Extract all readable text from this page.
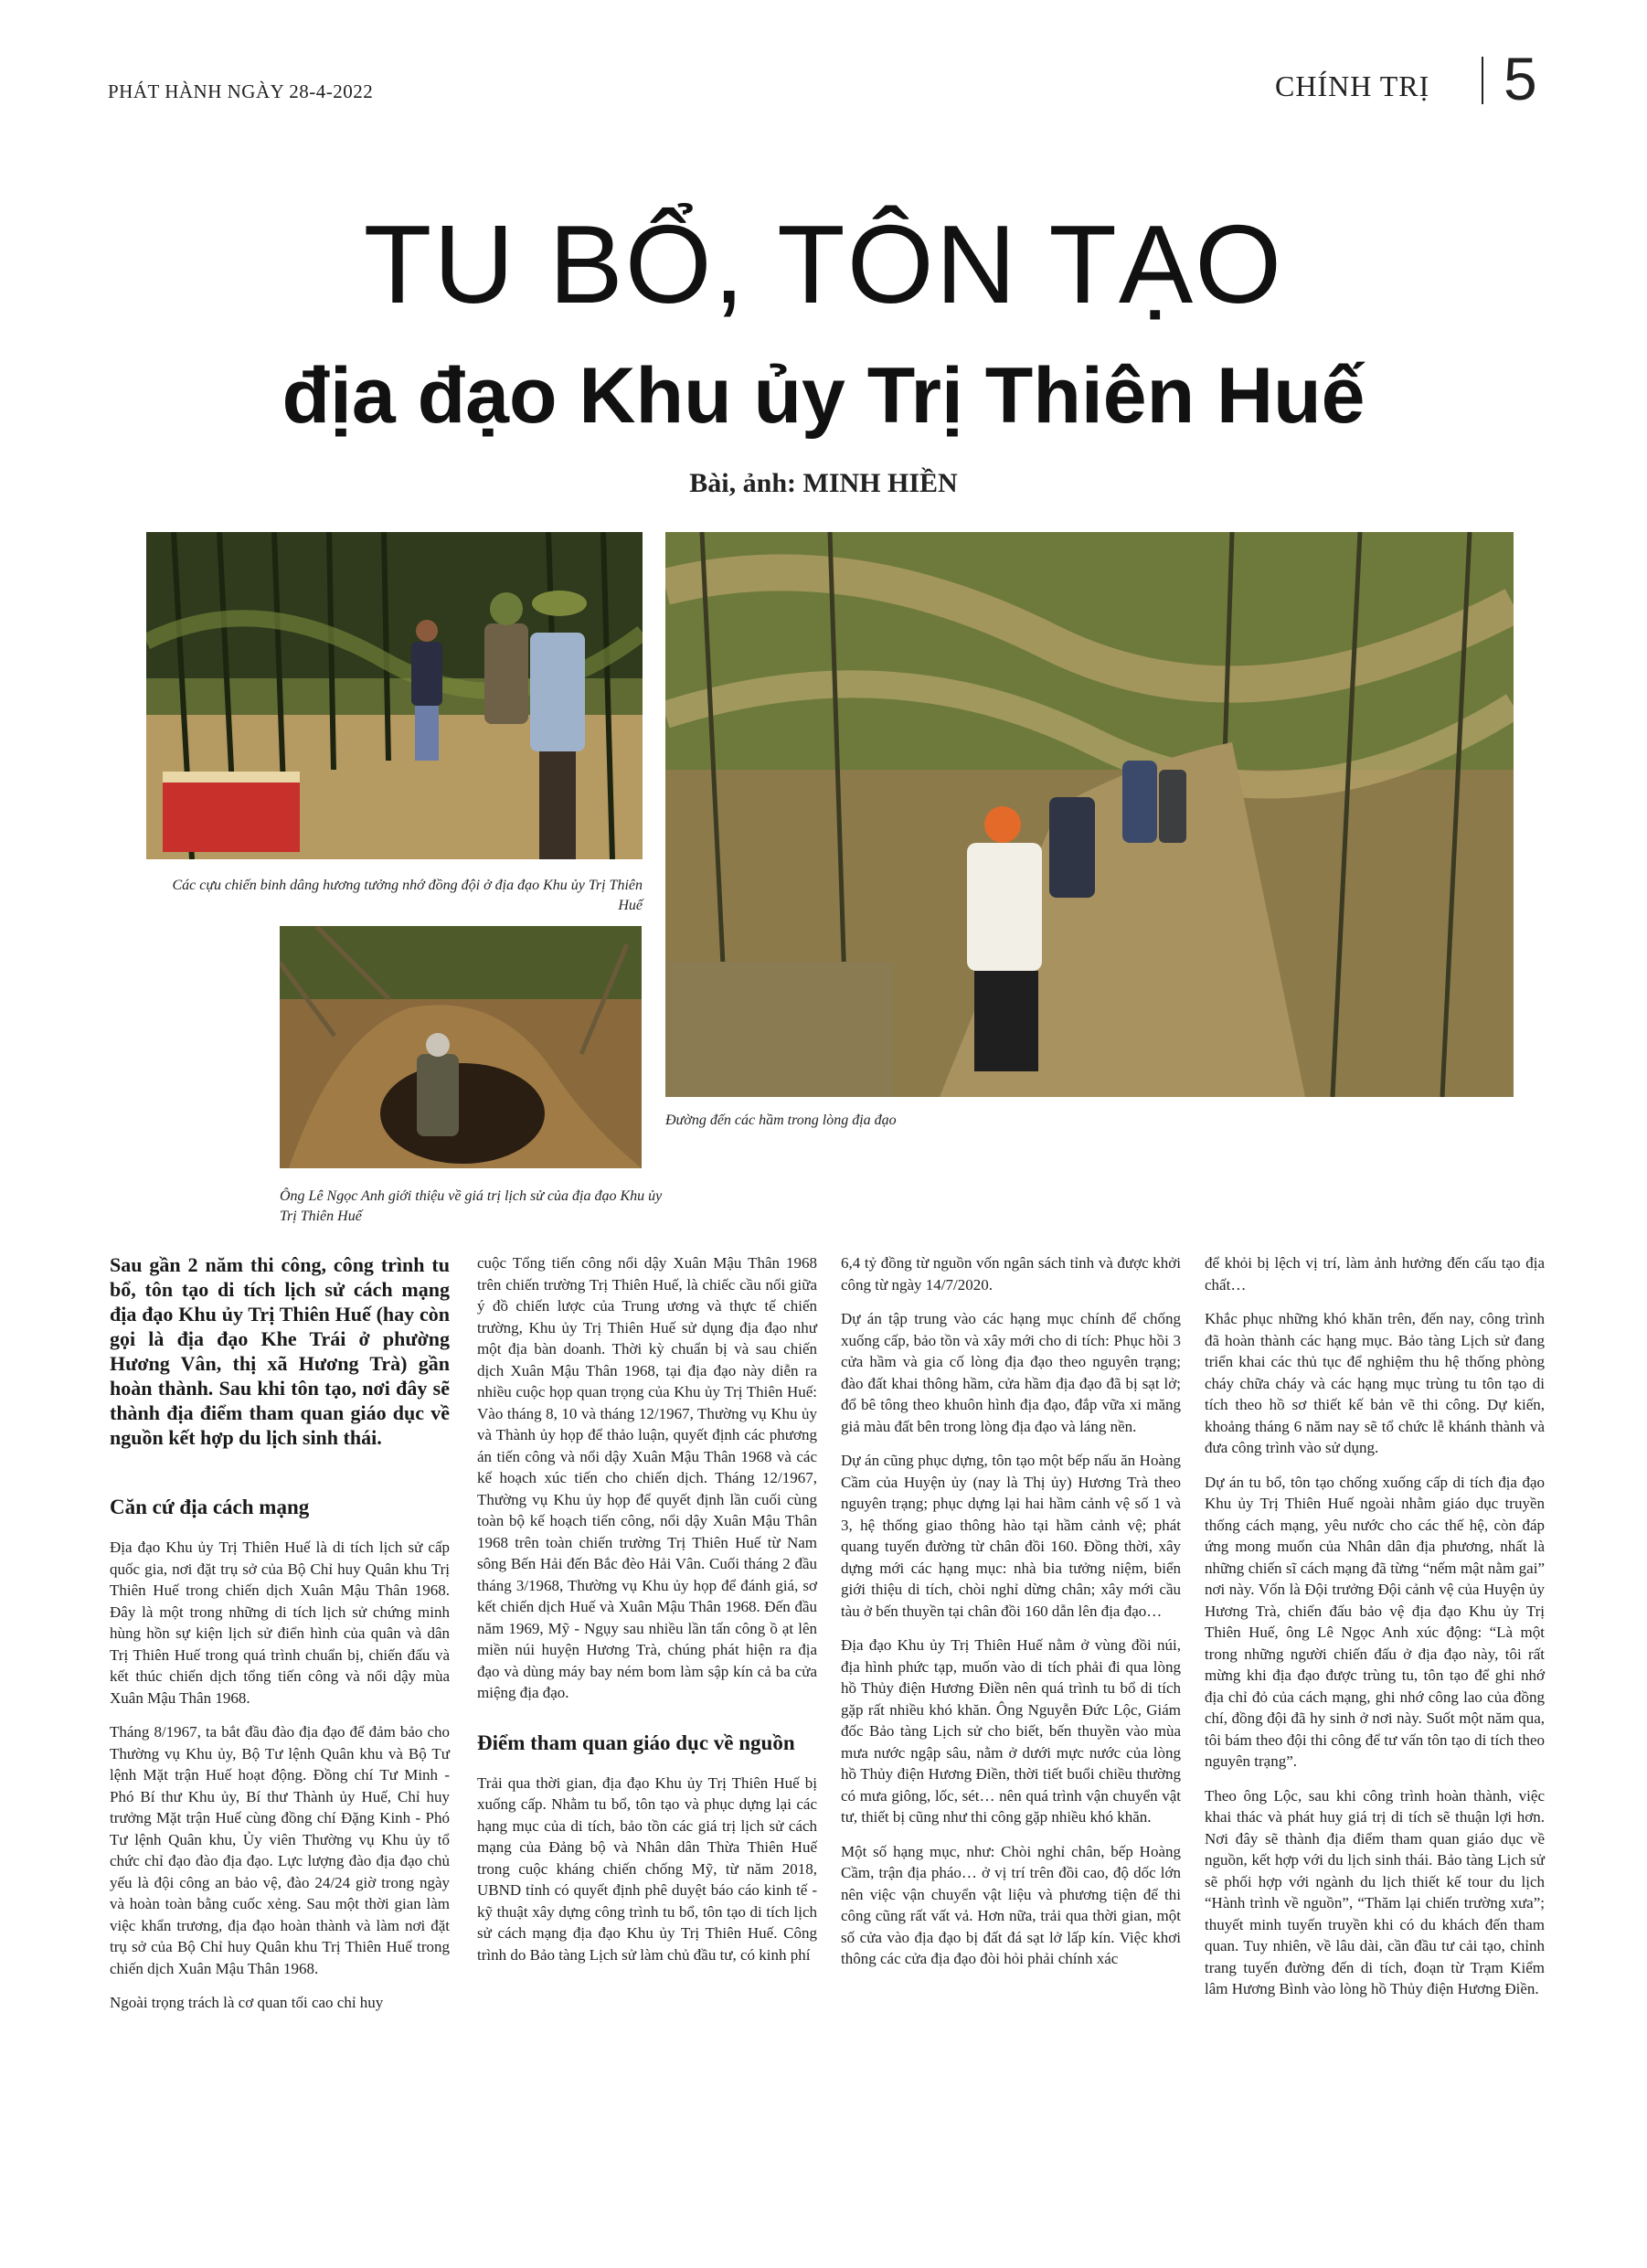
PHÁT HÀNH NGÀY 28-4-2022	CHÍNH TRỊ 5
TU BỔ, TÔN TẠO
địa đạo Khu ủy Trị Thiên Huế
Bài, ảnh: MINH HIỀN
Các cựu chiến binh dâng hương tưởng nhớ đồng đội ở địa đạo Khu ủy Trị Thiên Huế
Ông Lê Ngọc Anh giới thiệu về giá trị lịch sử của địa đạo Khu ủy Trị Thiên Huế
Đường đến các hầm trong lòng địa đạo
Sau gần 2 năm thi công, công trình tu bổ, tôn tạo di tích lịch sử cách mạng địa đạo Khu ủy Trị Thiên Huế (hay còn gọi là địa đạo Khe Trái ở phường Hương Vân, thị xã Hương Trà) gần hoàn thành. Sau khi tôn tạo, nơi đây sẽ thành địa điểm tham quan giáo dục về nguồn kết hợp du lịch sinh thái.
Căn cứ địa cách mạng

Địa đạo Khu ủy Trị Thiên Huế là di tích lịch sử cấp quốc gia, nơi đặt trụ sở của Bộ Chỉ huy Quân khu Trị Thiên Huế trong chiến dịch Xuân Mậu Thân 1968. Đây là một trong những di tích lịch sử chứng minh hùng hồn sự kiện lịch sử điển hình của quân và dân Trị Thiên Huế trong quá trình chuẩn bị, chiến đấu và kết thúc chiến dịch tổng tiến công và nổi dậy mùa Xuân Mậu Thân 1968.

Tháng 8/1967, ta bắt đầu đào địa đạo để đảm bảo cho Thường vụ Khu ủy, Bộ Tư lệnh Quân khu và Bộ Tư lệnh Mặt trận Huế hoạt động. Đồng chí Tư Minh - Phó Bí thư Khu ủy, Bí thư Thành ủy Huế, Chỉ huy trưởng Mặt trận Huế cùng đồng chí Đặng Kinh - Phó Tư lệnh Quân khu, Ủy viên Thường vụ Khu ủy tổ chức chỉ đạo đào địa đạo. Lực lượng đào địa đạo chủ yếu là đội công an bảo vệ, đào 24/24 giờ trong ngày và hoàn toàn bằng cuốc xẻng. Sau một thời gian làm việc khẩn trương, địa đạo hoàn thành và làm nơi đặt trụ sở của Bộ Chỉ huy Quân khu Trị Thiên Huế trong chiến dịch Xuân Mậu Thân 1968.

Ngoài trọng trách là cơ quan tối cao chỉ huy

cuộc Tổng tiến công nổi dậy Xuân Mậu Thân 1968 trên chiến trường Trị Thiên Huế, là chiếc cầu nối giữa ý đồ chiến lược của Trung ương và thực tế chiến trường, Khu ủy Trị Thiên Huế sử dụng địa đạo như một địa bàn doanh. Thời kỳ chuẩn bị và sau chiến dịch Xuân Mậu Thân 1968, tại địa đạo này diễn ra nhiều cuộc họp quan trọng của Khu ủy Trị Thiên Huế: Vào tháng 8, 10 và tháng 12/1967, Thường vụ Khu ủy và Thành ủy họp để thảo luận, quyết định các phương án tiến công và nổi dậy Xuân Mậu Thân 1968 và các kế hoạch xúc tiến cho chiến dịch. Tháng 12/1967, Thường vụ Khu ủy họp để quyết định lần cuối cùng toàn bộ kế hoạch tiến công, nổi dậy Xuân Mậu Thân 1968 trên toàn chiến trường Trị Thiên Huế từ Nam sông Bến Hải đến Bắc đèo Hải Vân. Cuối tháng 2 đầu tháng 3/1968, Thường vụ Khu ủy họp để đánh giá, sơ kết chiến dịch Huế và Xuân Mậu Thân 1968. Đến đầu năm 1969, Mỹ - Ngụy sau nhiều lần tấn công ồ ạt lên miền núi huyện Hương Trà, chúng phát hiện ra địa đạo và dùng máy bay ném bom làm sập kín cả ba cửa miệng địa đạo.

Điểm tham quan giáo dục về nguồn

Trải qua thời gian, địa đạo Khu ủy Trị Thiên Huế bị xuống cấp. Nhằm tu bổ, tôn tạo và phục dựng lại các hạng mục của di tích, bảo tồn các giá trị lịch sử cách mạng của Đảng bộ và Nhân dân Thừa Thiên Huế trong cuộc kháng chiến chống Mỹ, từ năm 2018, UBND tỉnh có quyết định phê duyệt báo cáo kinh tế - kỹ thuật xây dựng công trình tu bổ, tôn tạo di tích lịch sử cách mạng địa đạo Khu ủy Trị Thiên Huế. Công trình do Bảo tàng Lịch sử làm chủ đầu tư, có kinh phí

6,4 tỷ đồng từ nguồn vốn ngân sách tỉnh và được khởi công từ ngày 14/7/2020.

Dự án tập trung vào các hạng mục chính để chống xuống cấp, bảo tồn và xây mới cho di tích: Phục hồi 3 cửa hầm và gia cố lòng địa đạo theo nguyên trạng; đào đất khai thông hầm, cửa hầm địa đạo đã bị sạt lở; đổ bê tông theo khuôn hình địa đạo, đắp vữa xi măng giả màu đất bên trong lòng địa đạo và láng nền.

Dự án cũng phục dựng, tôn tạo một bếp nấu ăn Hoàng Cầm của Huyện ủy (nay là Thị ủy) Hương Trà theo nguyên trạng; phục dựng lại hai hầm cảnh vệ số 1 và 3, hệ thống giao thông hào tại hầm cảnh vệ; phát quang tuyến đường từ chân đồi 160. Đồng thời, xây dựng mới các hạng mục: nhà bia tưởng niệm, biển giới thiệu di tích, chòi nghỉ dừng chân; xây mới cầu tàu ở bến thuyền tại chân đồi 160 dẫn lên địa đạo…

Địa đạo Khu ủy Trị Thiên Huế nằm ở vùng đồi núi, địa hình phức tạp, muốn vào di tích phải đi qua lòng hồ Thủy điện Hương Điền nên quá trình tu bổ di tích gặp rất nhiều khó khăn. Ông Nguyễn Đức Lộc, Giám đốc Bảo tàng Lịch sử cho biết, bến thuyền vào mùa mưa nước ngập sâu, nằm ở dưới mực nước của lòng hồ Thủy điện Hương Điền, thời tiết buổi chiều thường có mưa giông, lốc, sét… nên quá trình vận chuyển vật tư, thiết bị cũng như thi công gặp nhiều khó khăn.

Một số hạng mục, như: Chòi nghỉ chân, bếp Hoàng Cầm, trận địa pháo… ở vị trí trên đồi cao, độ dốc lớn nên việc vận chuyển vật liệu và phương tiện để thi công cũng rất vất vả. Hơn nữa, trải qua thời gian, một số cửa vào địa đạo bị đất đá sạt lở lấp kín. Việc khơi thông các cửa địa đạo đòi hỏi phải chính xác

để khỏi bị lệch vị trí, làm ảnh hưởng đến cấu tạo địa chất…

Khắc phục những khó khăn trên, đến nay, công trình đã hoàn thành các hạng mục. Bảo tàng Lịch sử đang triển khai các thủ tục để nghiệm thu hệ thống phòng cháy chữa cháy và các hạng mục trùng tu tôn tạo di tích theo hồ sơ thiết kế bản vẽ thi công. Dự kiến, khoảng tháng 6 năm nay sẽ tổ chức lễ khánh thành và đưa công trình vào sử dụng.

Dự án tu bổ, tôn tạo chống xuống cấp di tích địa đạo Khu ủy Trị Thiên Huế ngoài nhằm giáo dục truyền thống cách mạng, yêu nước cho các thế hệ, còn đáp ứng mong muốn của Nhân dân địa phương, nhất là những chiến sĩ cách mạng đã từng “nếm mật nằm gai” nơi này. Vốn là Đội trưởng Đội cảnh vệ của Huyện ủy Hương Trà, chiến đấu bảo vệ địa đạo Khu ủy Trị Thiên Huế, ông Lê Ngọc Anh xúc động: “Là một trong những người chiến đấu ở địa đạo này, tôi rất mừng khi địa đạo được trùng tu, tôn tạo để ghi nhớ địa chỉ đỏ của cách mạng, ghi nhớ công lao của đồng chí, đồng đội đã hy sinh ở nơi này. Suốt một năm qua, tôi bám theo đội thi công để tư vấn tôn tạo di tích theo nguyên trạng”.

Theo ông Lộc, sau khi công trình hoàn thành, việc khai thác và phát huy giá trị di tích sẽ thuận lợi hơn. Nơi đây sẽ thành địa điểm tham quan giáo dục về nguồn, kết hợp với du lịch sinh thái. Bảo tàng Lịch sử sẽ phối hợp với ngành du lịch thiết kế tour du lịch “Hành trình về nguồn”, “Thăm lại chiến trường xưa”; thuyết minh tuyến truyền khi có du khách đến tham quan. Tuy nhiên, về lâu dài, cần đầu tư cải tạo, chỉnh trang tuyến đường đến di tích, đoạn từ Trạm Kiểm lâm Hương Bình vào lòng hồ Thủy điện Hương Điền.
